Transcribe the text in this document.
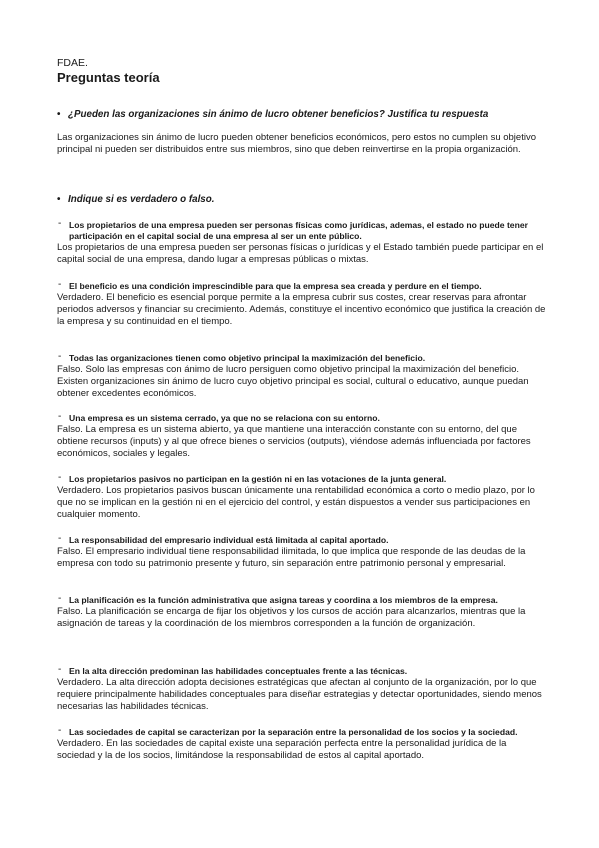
FDAE.
Preguntas teoría
• ¿Pueden las organizaciones sin ánimo de lucro obtener beneficios? Justifica tu respuesta
Las organizaciones sin ánimo de lucro pueden obtener beneficios económicos, pero estos no cumplen su objetivo principal ni pueden ser distribuidos entre sus miembros, sino que deben reinvertirse en la propia organización.
• Indique si es verdadero o falso.
- Los propietarios de una empresa pueden ser personas físicas como jurídicas, ademas, el estado no puede tener participación en el capital social de una empresa al ser un ente público.
Los propietarios de una empresa pueden ser personas físicas o jurídicas y el Estado también puede participar en el capital social de una empresa, dando lugar a empresas públicas o mixtas.
- El beneficio es una condición imprescindible para que la empresa sea creada y perdure en el tiempo.
Verdadero. El beneficio es esencial porque permite a la empresa cubrir sus costes, crear reservas para afrontar periodos adversos y financiar su crecimiento. Además, constituye el incentivo económico que justifica la creación de la empresa y su continuidad en el tiempo.
- Todas las organizaciones tienen como objetivo principal la maximización del beneficio.
Falso. Solo las empresas con ánimo de lucro persiguen como objetivo principal la maximización del beneficio. Existen organizaciones sin ánimo de lucro cuyo objetivo principal es social, cultural o educativo, aunque puedan obtener excedentes económicos.
- Una empresa es un sistema cerrado, ya que no se relaciona con su entorno.
Falso. La empresa es un sistema abierto, ya que mantiene una interacción constante con su entorno, del que obtiene recursos (inputs) y al que ofrece bienes o servicios (outputs), viéndose además influenciada por factores económicos, sociales y legales.
- Los propietarios pasivos no participan en la gestión ni en las votaciones de la junta general.
Verdadero. Los propietarios pasivos buscan únicamente una rentabilidad económica a corto o medio plazo, por lo que no se implican en la gestión ni en el ejercicio del control, y están dispuestos a vender sus participaciones en cualquier momento.
- La responsabilidad del empresario individual está limitada al capital aportado.
Falso. El empresario individual tiene responsabilidad ilimitada, lo que implica que responde de las deudas de la empresa con todo su patrimonio presente y futuro, sin separación entre patrimonio personal y empresarial.
- La planificación es la función administrativa que asigna tareas y coordina a los miembros de la empresa.
Falso. La planificación se encarga de fijar los objetivos y los cursos de acción para alcanzarlos, mientras que la asignación de tareas y la coordinación de los miembros corresponden a la función de organización.
- En la alta dirección predominan las habilidades conceptuales frente a las técnicas.
Verdadero. La alta dirección adopta decisiones estratégicas que afectan al conjunto de la organización, por lo que requiere principalmente habilidades conceptuales para diseñar estrategias y detectar oportunidades, siendo menos necesarias las habilidades técnicas.
- Las sociedades de capital se caracterizan por la separación entre la personalidad de los socios y la sociedad.
Verdadero. En las sociedades de capital existe una separación perfecta entre la personalidad jurídica de la sociedad y la de los socios, limitándose la responsabilidad de estos al capital aportado.
